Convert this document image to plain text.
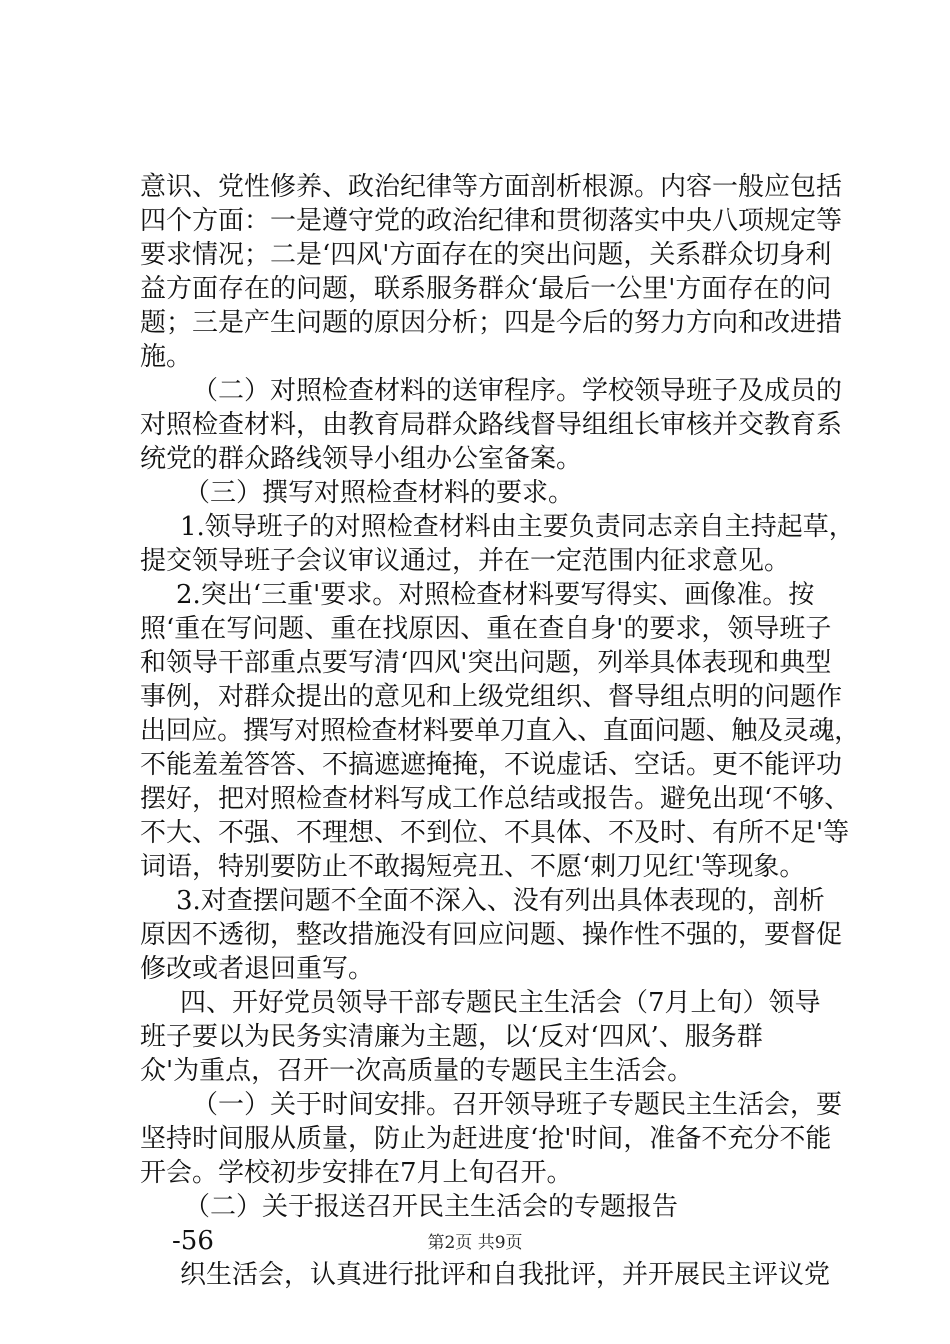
意识、党性修养、政治纪律等方面剖析根源。内容一般应包括
四个方面：一是遵守党的政治纪律和贯彻落实中央八项规定等
要求情况；二是‘四风'方面存在的突出问题，关系群众切身利
益方面存在的问题，联系服务群众‘最后一公里'方面存在的问
题；三是产生问题的原因分析；四是今后的努力方向和改进措
施。
（二）对照检查材料的送审程序。学校领导班子及成员的
对照检查材料，由教育局群众路线督导组组长审核并交教育系
统党的群众路线领导小组办公室备案。
（三）撰写对照检查材料的要求。
1.领导班子的对照检查材料由主要负责同志亲自主持起草，
提交领导班子会议审议通过，并在一定范围内征求意见。
2.突出‘三重'要求。对照检查材料要写得实、画像准。按
照‘重在写问题、重在找原因、重在查自身'的要求，领导班子
和领导干部重点要写清‘四风'突出问题，列举具体表现和典型
事例，对群众提出的意见和上级党组织、督导组点明的问题作
出回应。撰写对照检查材料要单刀直入、直面问题、触及灵魂，
不能羞羞答答、不搞遮遮掩掩，不说虚话、空话。更不能评功
摆好，把对照检查材料写成工作总结或报告。避免出现‘不够、
不大、不强、不理想、不到位、不具体、不及时、有所不足'等
词语，特别要防止不敢揭短亮丑、不愿‘刺刀见红'等现象。
3.对查摆问题不全面不深入、没有列出具体表现的，剖析
原因不透彻，整改措施没有回应问题、操作性不强的，要督促
修改或者退回重写。
四、开好党员领导干部专题民主生活会（7月上旬）领导
班子要以为民务实清廉为主题，以‘反对‘四风’、服务群
众'为重点，召开一次高质量的专题民主生活会。
（一）关于时间安排。召开领导班子专题民主生活会，要
坚持时间服从质量，防止为赶进度‘抢'时间，准备不充分不能
开会。学校初步安排在7月上旬召开。
（二）关于报送召开民主生活会的专题报告
-56
织生活会，认真进行批评和自我批评，并开展民主评议党
第2页 共9页
